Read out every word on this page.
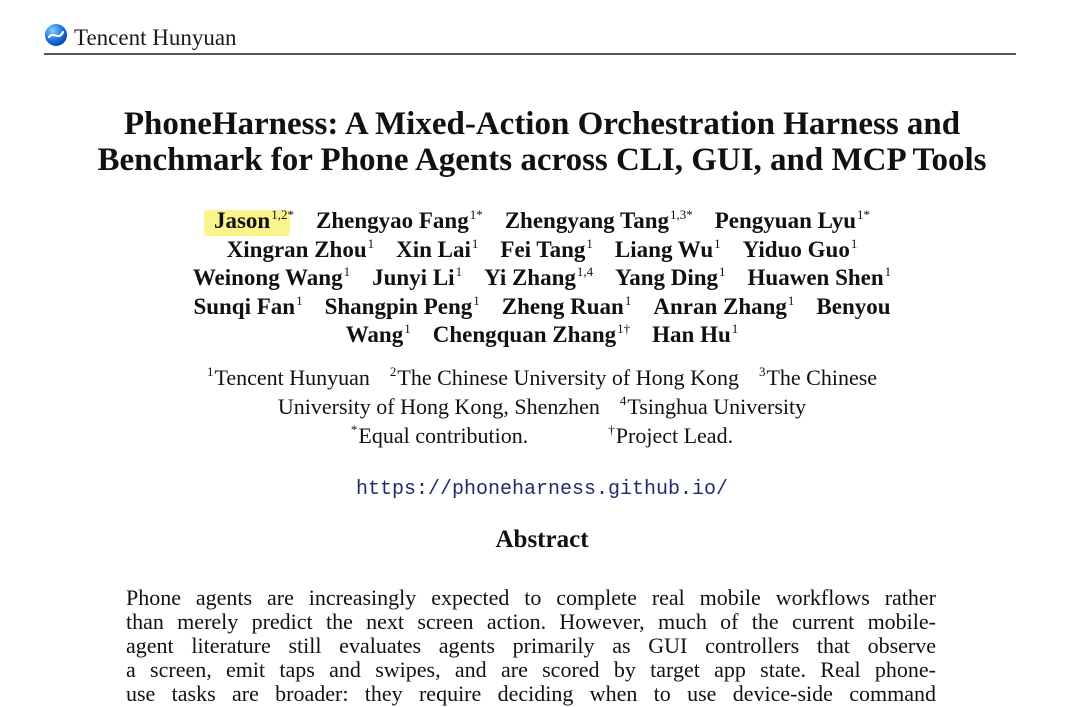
Tencent Hunyuan
PhoneHarness: A Mixed-Action Orchestration Harness and
Benchmark for Phone Agents across CLI, GUI, and MCP Tools
Jason$^{1,2*}$ Zhengyao Fang$^{1*}$ Zhengyang Tang$^{1,3*}$ Pengyuan Lyu$^{1*}$
Xingran Zhou$^1$ Xin Lai$^1$ Fei Tang$^1$ Liang Wu$^1$ Yiduo Guo$^1$
Weinong Wang$^1$ Junyi Li$^1$ Yi Zhang$^{1,4}$ Yang Ding$^1$ Huawen Shen$^1$
Sunqi Fan$^1$ Shangpin Peng$^1$ Zheng Ruan$^1$ Anran Zhang$^1$ Benyou
Wang$^1$ Chengquan Zhang$^{1\dagger}$ Han Hu$^1$
$^1$Tencent Hunyuan $^2$The Chinese University of Hong Kong $^3$The Chinese
University of Hong Kong, Shenzhen $^4$Tsinghua University
*Equal contribution.	†Project Lead.
https://phoneharness.github.io/
Abstract
Phone agents are increasingly expected to complete real mobile workflows rather
than merely predict the next screen action. However, much of the current mobile-
agent literature still evaluates agents primarily as GUI controllers that observe
a screen, emit taps and swipes, and are scored by target app state. Real phone-
use tasks are broader: they require deciding when to use device-side command
